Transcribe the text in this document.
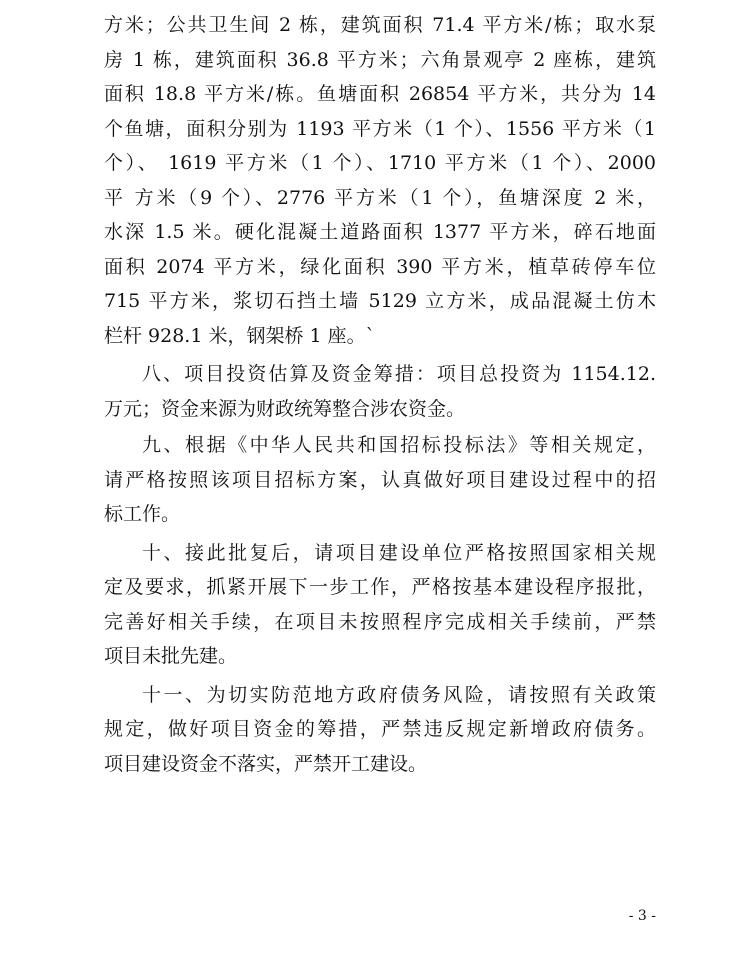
方米；公共卫生间 2 栋，建筑面积 71.4 平方米/栋；取水泵
房 1 栋，建筑面积 36.8 平方米；六角景观亭 2 座栋，建筑
面积 18.8 平方米/栋。鱼塘面积 26854 平方米，共分为 14
个鱼塘，面积分别为 1193 平方米（1 个）、1556 平方米（1
个）、 1619 平方米（1 个）、1710 平方米（1 个）、2000
平 方米（9 个）、2776 平方米（1 个），鱼塘深度 2 米，
水深 1.5 米。硬化混凝土道路面积 1377 平方米，碎石地面
面积 2074 平方米，绿化面积 390 平方米，植草砖停车位
715 平方米，浆切石挡土墙 5129 立方米，成品混凝土仿木
栏杆 928.1 米，钢架桥 1 座。`
八、项目投资估算及资金筹措：项目总投资为 1154.12.
万元；资金来源为财政统筹整合涉农资金。
九、根据《中华人民共和国招标投标法》等相关规定，
请严格按照该项目招标方案，认真做好项目建设过程中的招
标工作。
十、接此批复后，请项目建设单位严格按照国家相关规
定及要求，抓紧开展下一步工作，严格按基本建设程序报批，
完善好相关手续，在项目未按照程序完成相关手续前，严禁
项目未批先建。
十一、为切实防范地方政府债务风险，请按照有关政策
规定，做好项目资金的筹措，严禁违反规定新增政府债务。
项目建设资金不落实，严禁开工建设。
- 3 -
